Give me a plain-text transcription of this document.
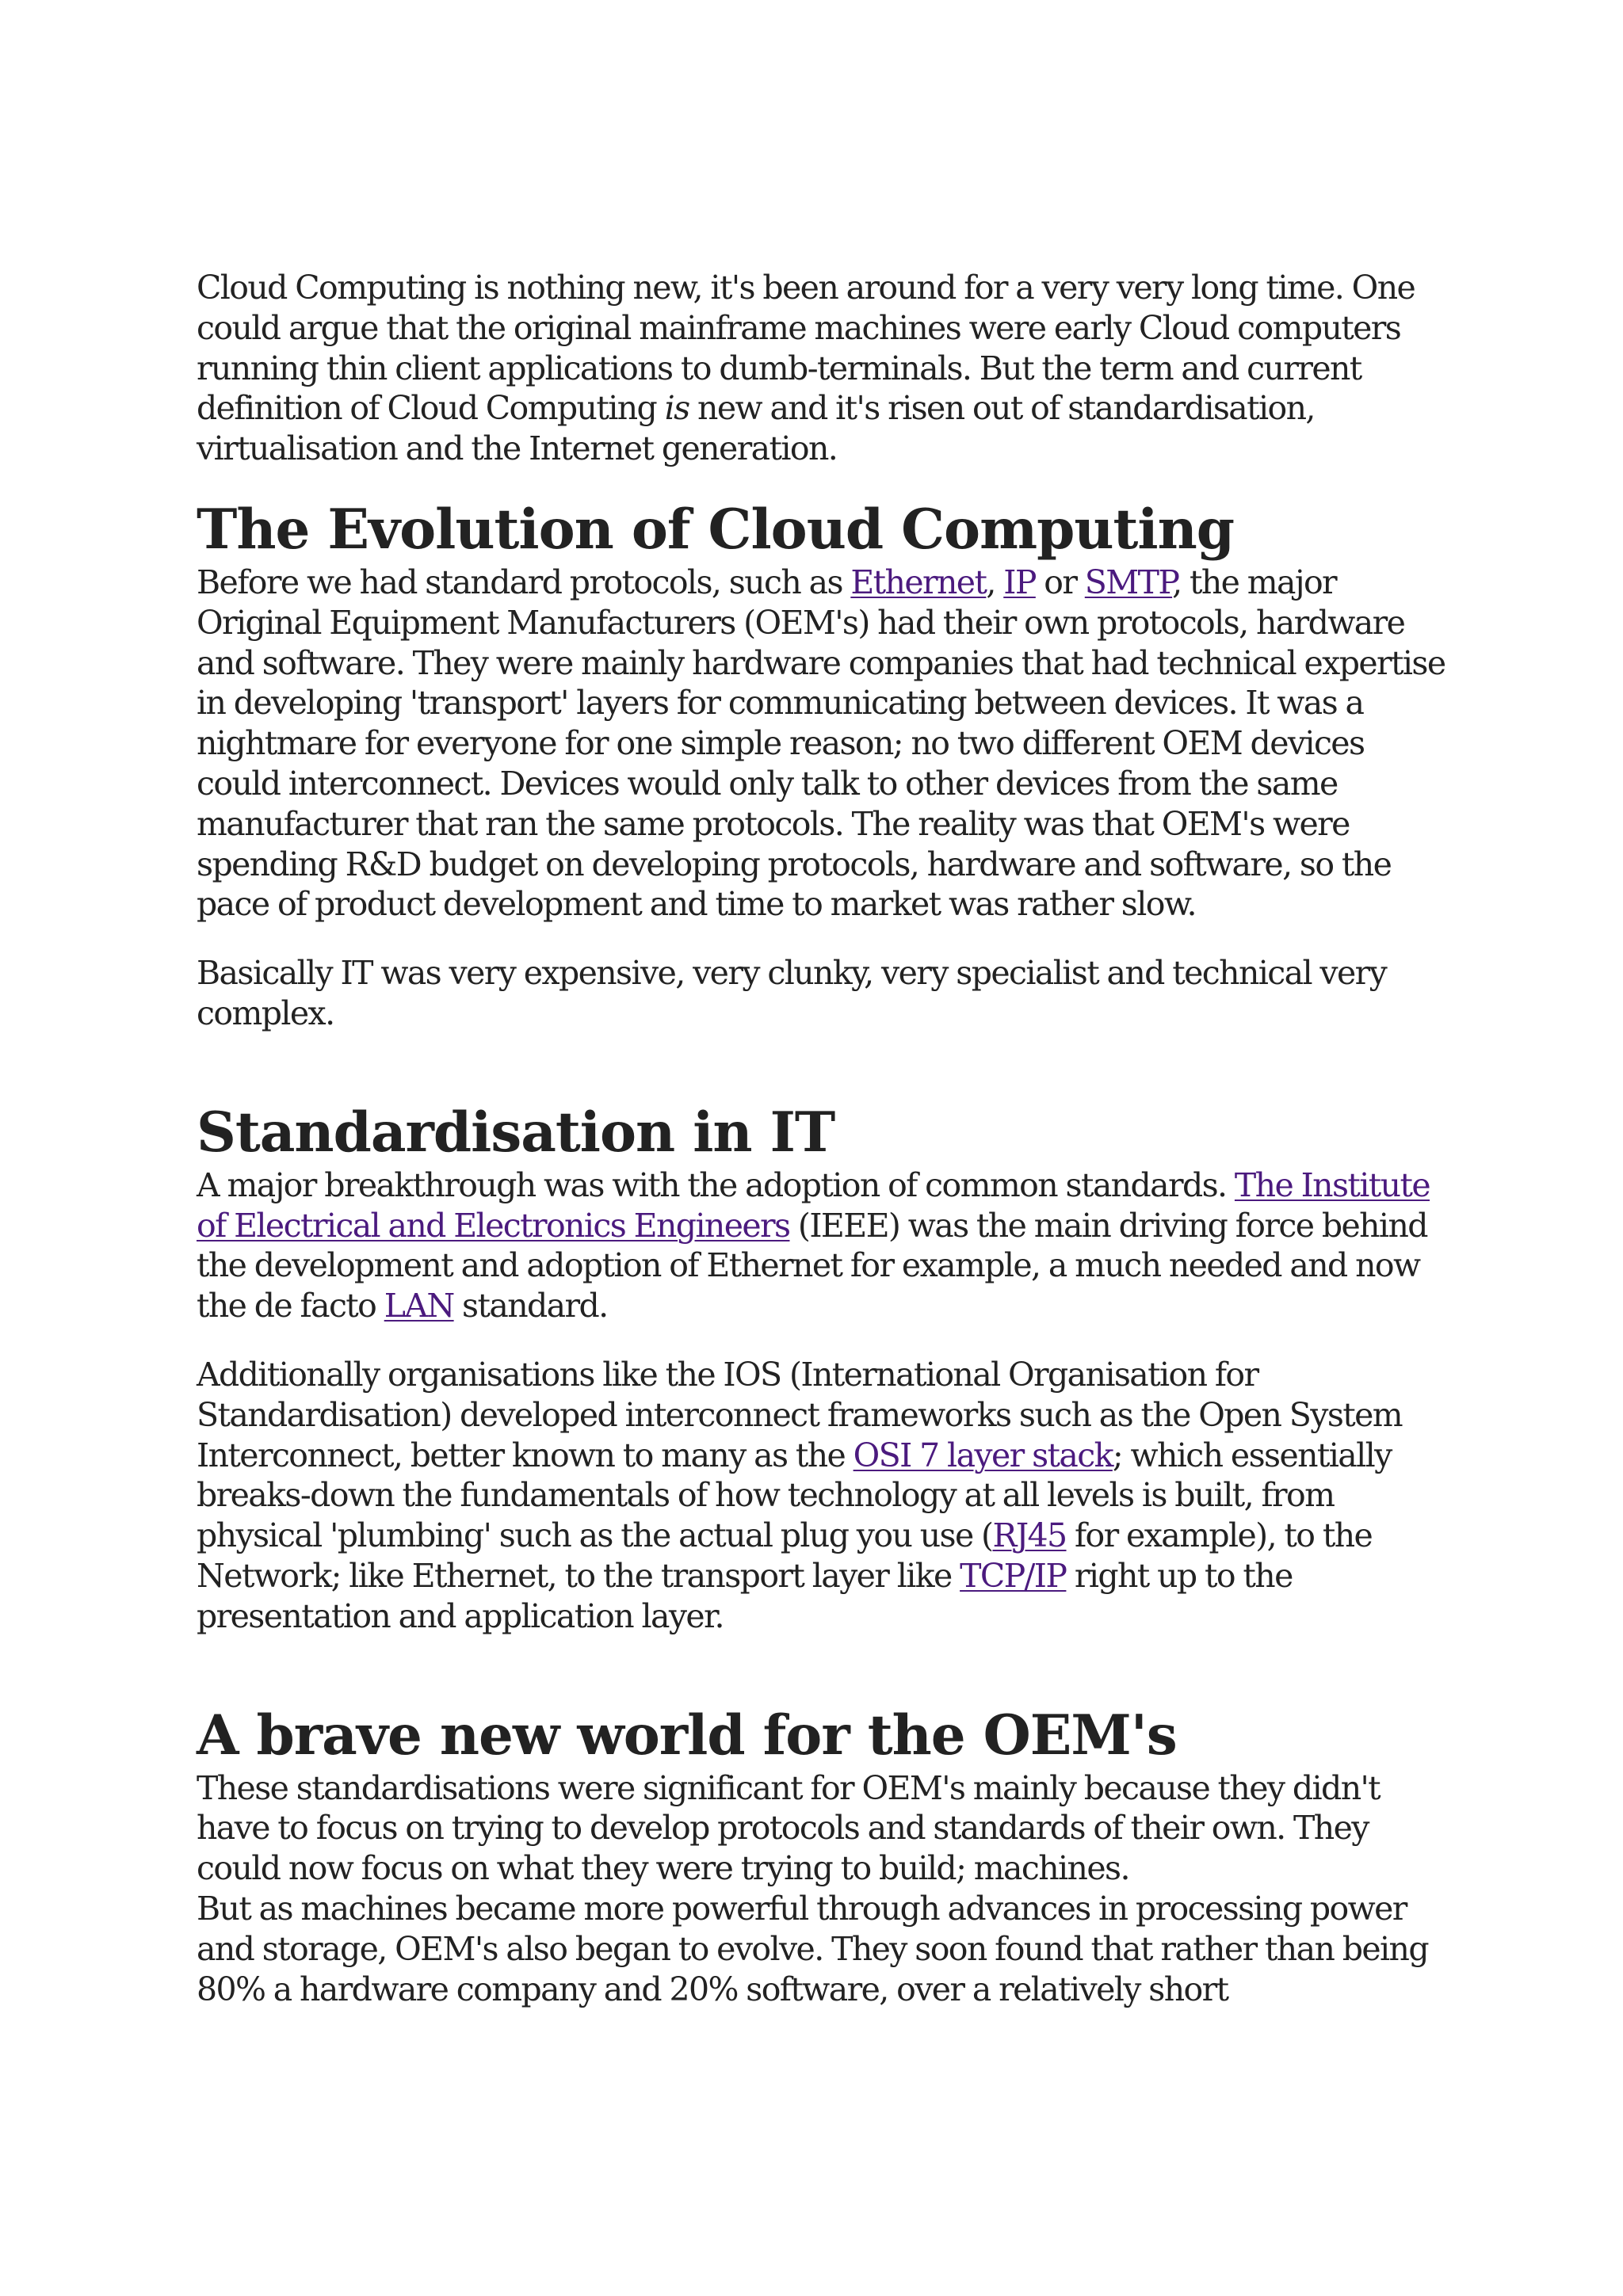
Cloud Computing is nothing new, it's been around for a very very long time. One could argue that the original mainframe machines were early Cloud computers running thin client applications to dumb-terminals. But the term and current definition of Cloud Computing is new and it's risen out of standardisation, virtualisation and the Internet generation.

The Evolution of Cloud Computing

Before we had standard protocols, such as Ethernet, IP or SMTP, the major Original Equipment Manufacturers (OEM's) had their own protocols, hardware and software. They were mainly hardware companies that had technical expertise in developing 'transport' layers for communicating between devices. It was a nightmare for everyone for one simple reason; no two different OEM devices could interconnect. Devices would only talk to other devices from the same manufacturer that ran the same protocols. The reality was that OEM's were spending R&D budget on developing protocols, hardware and software, so the pace of product development and time to market was rather slow.

Basically IT was very expensive, very clunky, very specialist and technical very complex.

Standardisation in IT

A major breakthrough was with the adoption of common standards. The Institute of Electrical and Electronics Engineers (IEEE) was the main driving force behind the development and adoption of Ethernet for example, a much needed and now the de facto LAN standard.

Additionally organisations like the IOS (International Organisation for Standardisation) developed interconnect frameworks such as the Open System Interconnect, better known to many as the OSI 7 layer stack; which essentially breaks-down the fundamentals of how technology at all levels is built, from physical 'plumbing' such as the actual plug you use (RJ45 for example), to the Network; like Ethernet, to the transport layer like TCP/IP right up to the presentation and application layer.

A brave new world for the OEM's

These standardisations were significant for OEM's mainly because they didn't have to focus on trying to develop protocols and standards of their own. They could now focus on what they were trying to build; machines.

But as machines became more powerful through advances in processing power and storage, OEM's also began to evolve. They soon found that rather than being 80% a hardware company and 20% software, over a relatively short
